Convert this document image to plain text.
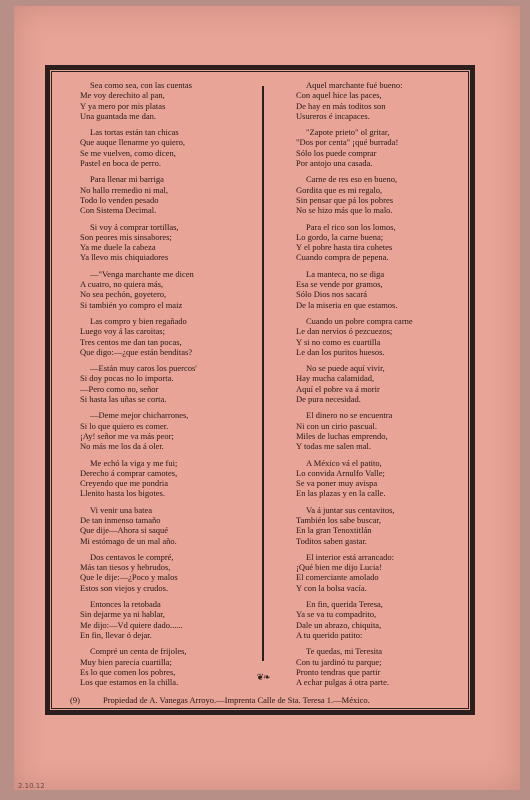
Sea como sea, con las cuentas
Me voy derechito al pan,
Y ya mero por mis platas
Una guantada me dan.
Las tortas están tan chicas
Que auque llenarme yo quiero,
Se me vuelven, como dicen,
Pastel en boca de perro.
Para llenar mi barriga
No hallo rremedio ni mal,
Todo lo venden pesado
Con Sistema Decimal.
Si voy á comprar tortillas,
Son peores mis sinsabores;
Ya me duele la cabeza
Ya llevo mis chiquiadores
—"Venga marchante me dicen
A cuatro, no quiera más,
No sea pechón, goyetero,
Si también yo compro el maiz
Las compro y bien regañado
Luego voy á las caroitas;
Tres centos me dan tan pocas,
Que digo:—¿que están benditas?
—Están muy caros los puercos'
Si doy pocas no lo importa.
—Pero como no, señor
Si hasta las uñas se corta.
—Deme mejor chicharrones,
Si lo que quiero es comer.
¡Ay! señor me va más peor;
No más me los da á oler.
Me echó la viga y me fui;
Derecho á comprar camotes,
Creyendo que me pondria
Llenito hasta los bigotes.
Vi venir una batea
De tan inmenso tamaño
Que dije—Ahora si saqué
Mi estómago de un mal año.
Dos centavos le compré,
Más tan tiesos y hebrudos,
Que le dije:—¿Poco y malos
Estos son viejos y crudos.
Entonces la retobada
Sin dejarme ya ni hablar,
Me dijo:—Vd quiere dado......
En fin, llevar ó dejar.
Compré un centa de frijoles,
Muy bien parecia cuartilla;
Es lo que comen los pobres,
Los que estamos en la chilla.
Aquel marchante fué bueno:
Con aquel hice las paces,
De hay en más toditos son
Usureros é incapaces.
"Zapote prieto" ol gritar,
"Dos por centa" ¡qué burrada!
Sólo los puede comprar
Por antojo una casada.
Carne de res eso en bueno,
Gordita que es mi regalo,
Sin pensar que pá los pobres
No se hizo más que lo malo.
Para el rico son los lomos,
Lo gordo, la carne buena;
Y el pobre hasta tira cohetes
Cuando compra de pepena.
La manteca, no se diga
Esa se vende por gramos,
Sólo Dios nos sacará
De la miseria en que estamos.
Cuando un pobre compra carne
Le dan nervios ó pezcuezos;
Y si no como es cuartilla
Le dan los puritos huesos.
No se puede aquí vivir,
Hay mucha calamidad,
Aquí el pobre va á morir
De pura necesidad.
El dinero no se encuentra
Ni con un cirio pascual.
Miles de luchas emprendo,
Y todas me salen mal.
A México vá el patito,
Lo convida Arnulfo Valle;
Se va poner muy avispa
En las plazas y en la calle.
Va á juntar sus centavitos,
También los sabe buscar,
En la gran Tenoxtitlán
Toditos saben gastar.
El interior está arrancado:
¡Qué bien me dijo Lucia!
El comerciante amolado
Y con la bolsa vacía.
En fin, querida Teresa,
Ya se va tu compadrito,
Dale un abrazo, chiquita,
A tu querido patito:
Te quedas, mi Teresita
Con tu jardinó tu parque;
Pronto tendras que partir
A echar pulgas á otra parte.
❦❧
(9)	Propiedad de A. Vanegas Arroyo.—Imprenta Calle de Sta. Teresa 1.—México.
2.10.12
